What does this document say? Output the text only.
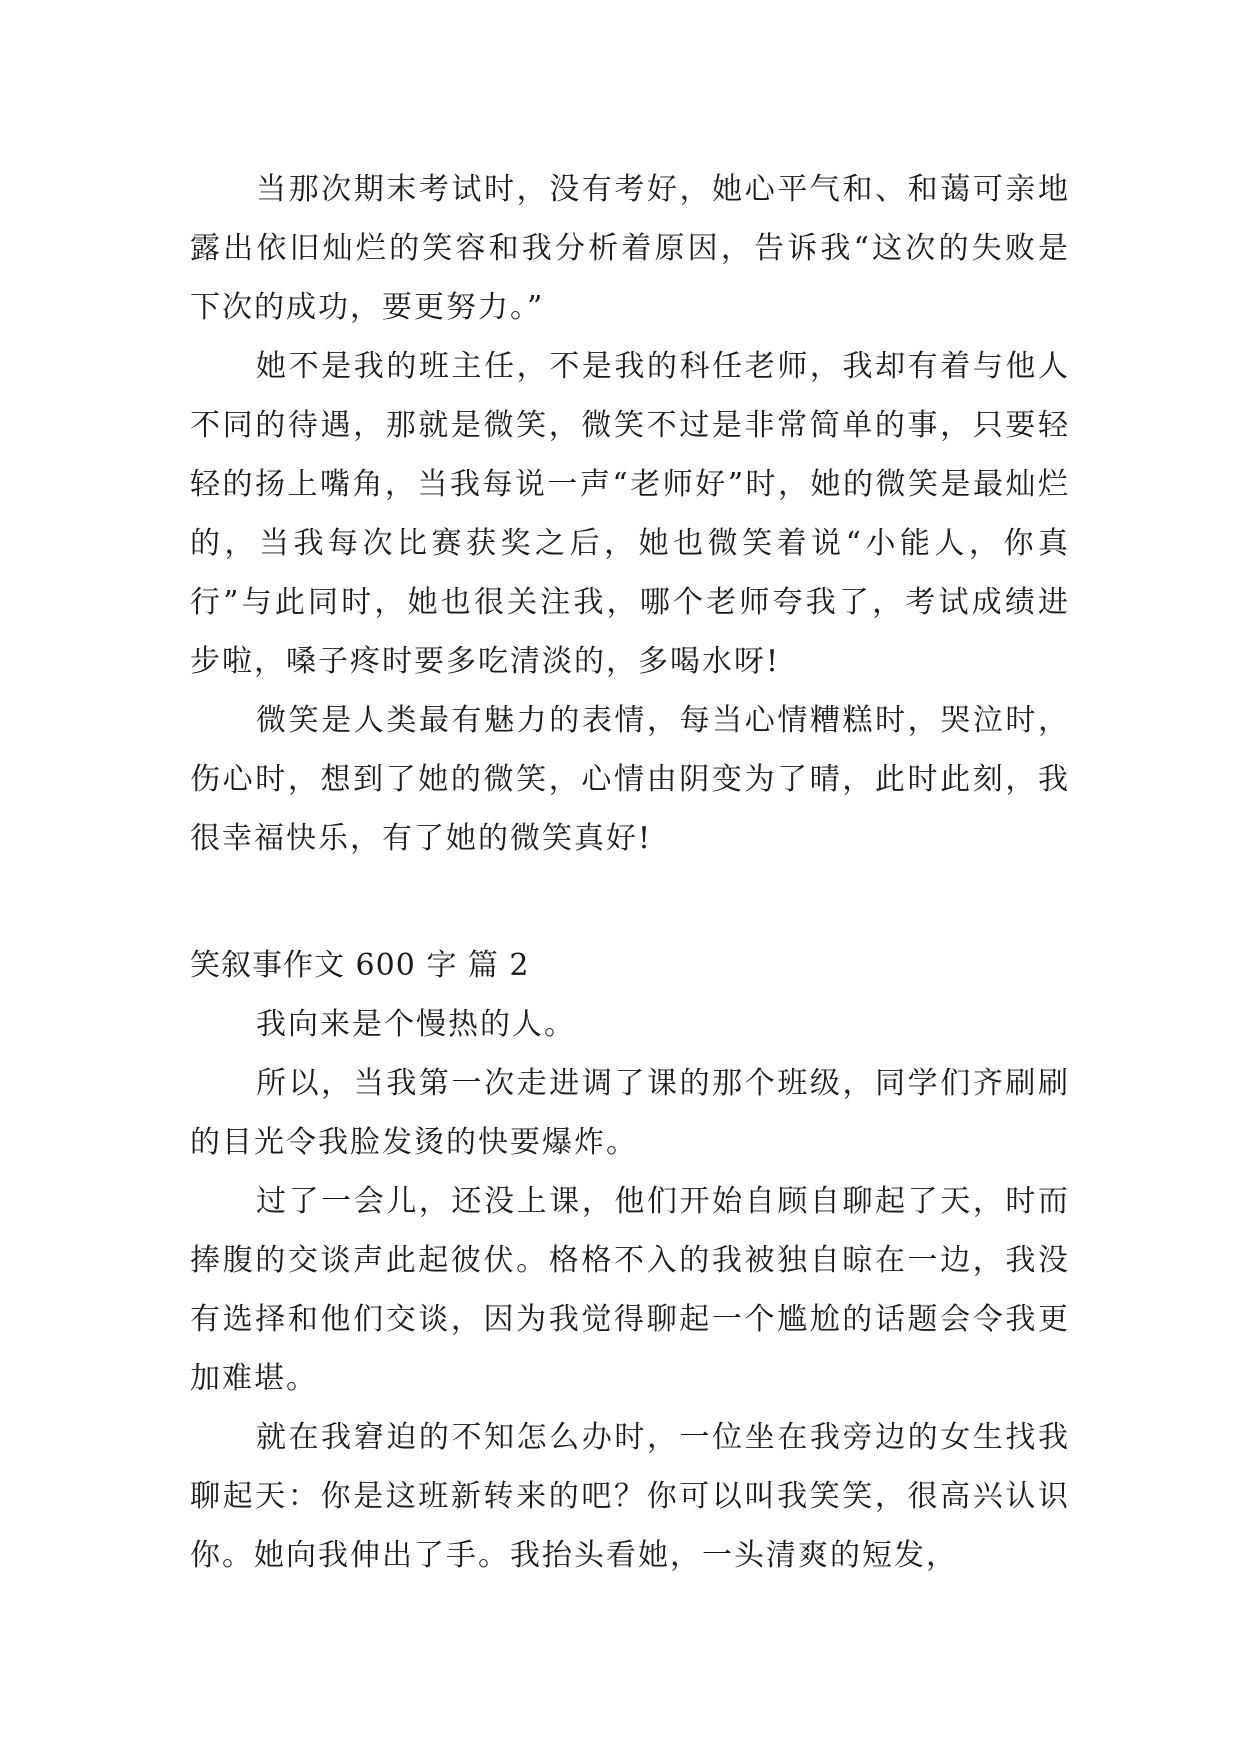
当那次期末考试时，没有考好，她心平气和、和蔼可亲地露出依旧灿烂的笑容和我分析着原因，告诉我“这次的失败是下次的成功，要更努力。”

她不是我的班主任，不是我的科任老师，我却有着与他人不同的待遇，那就是微笑，微笑不过是非常简单的事，只要轻轻的扬上嘴角，当我每说一声“老师好”时，她的微笑是最灿烂的，当我每次比赛获奖之后，她也微笑着说“小能人，你真行”与此同时，她也很关注我，哪个老师夸我了，考试成绩进步啦，嗓子疼时要多吃清淡的，多喝水呀!

微笑是人类最有魅力的表情，每当心情糟糕时，哭泣时，伤心时，想到了她的微笑，心情由阴变为了晴，此时此刻，我很幸福快乐，有了她的微笑真好!

笑叙事作文 600 字 篇 2

我向来是个慢热的人。

所以，当我第一次走进调了课的那个班级，同学们齐刷刷的目光令我脸发烫的快要爆炸。

过了一会儿，还没上课，他们开始自顾自聊起了天，时而捧腹的交谈声此起彼伏。格格不入的我被独自晾在一边，我没有选择和他们交谈，因为我觉得聊起一个尴尬的话题会令我更加难堪。

就在我窘迫的不知怎么办时，一位坐在我旁边的女生找我聊起天：你是这班新转来的吧？你可以叫我笑笑，很高兴认识你。她向我伸出了手。我抬头看她，一头清爽的短发，
